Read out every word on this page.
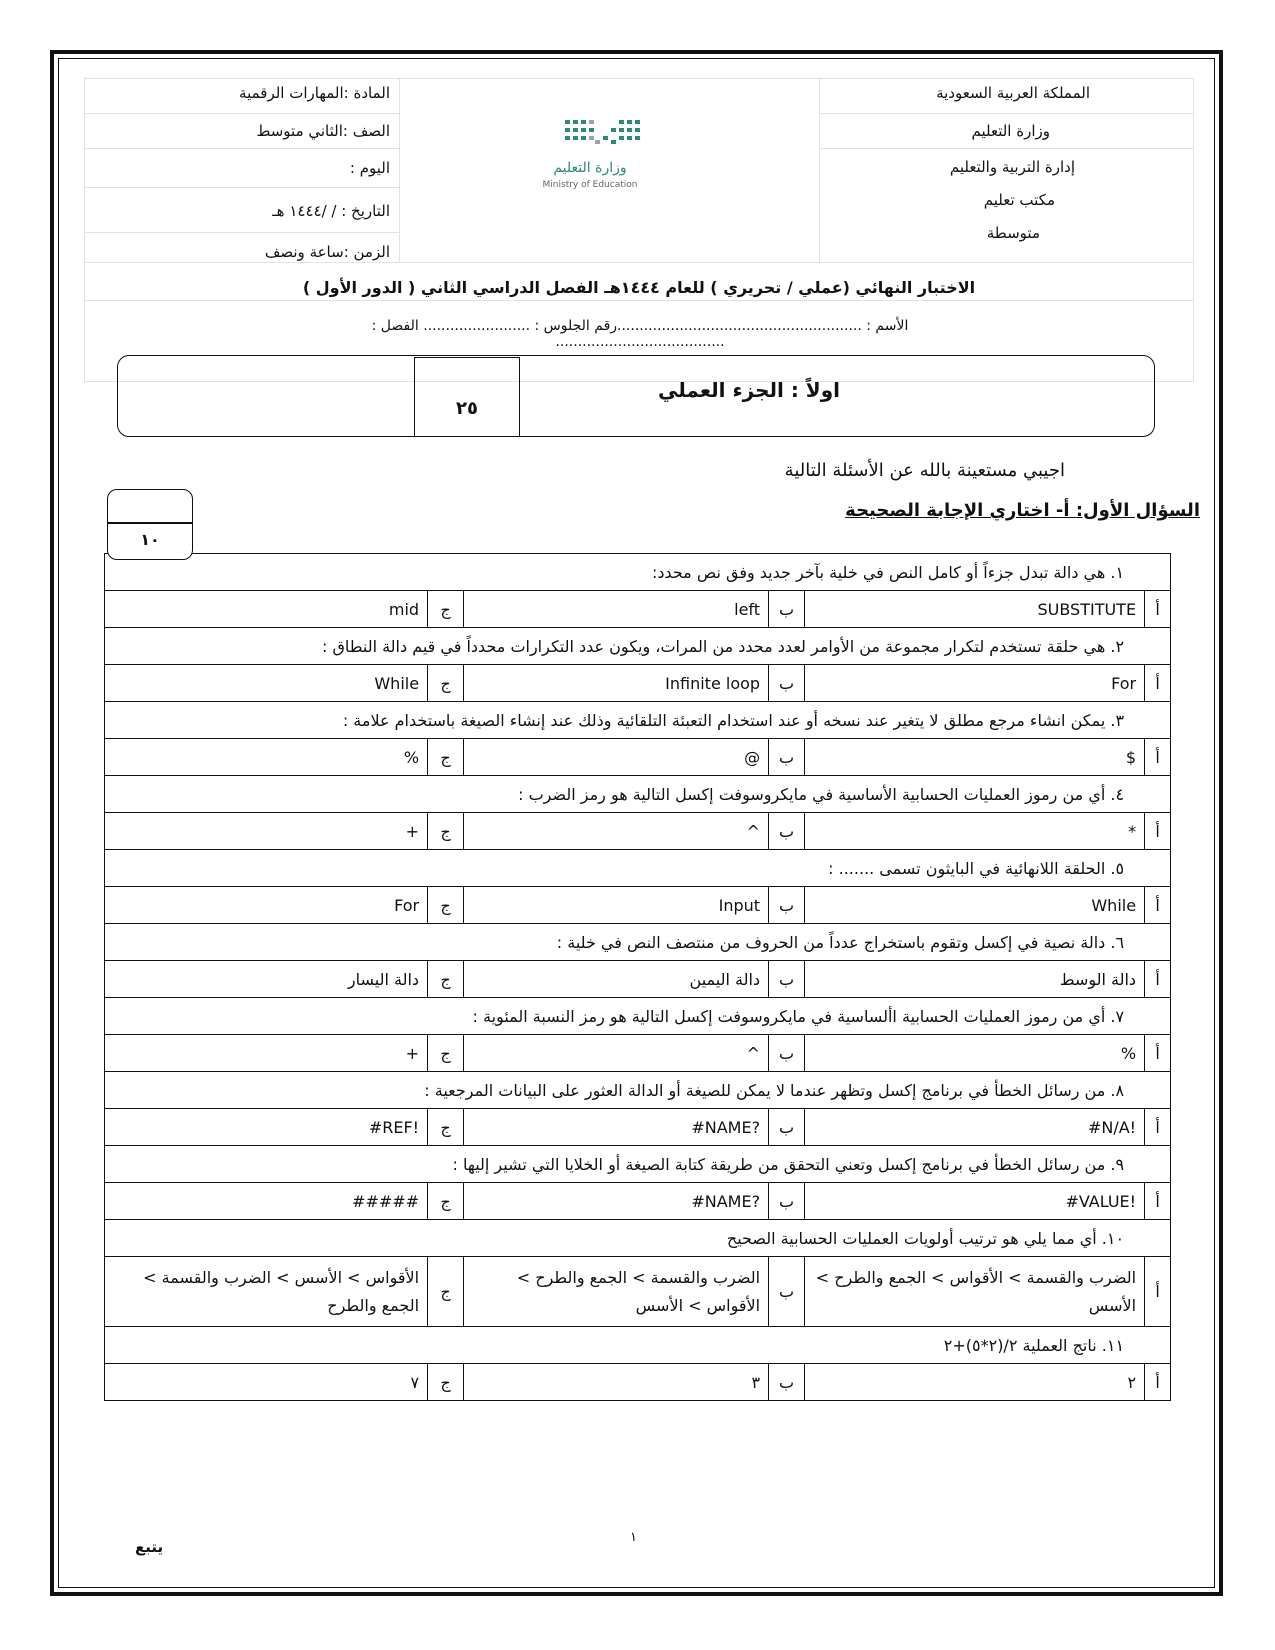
المملكة العربية السعودية
وزارة التعليم
إدارة التربية والتعليم
مكتب تعليم
متوسطة
المادة :المهارات الرقمية
الصف :الثاني متوسط
اليوم :
التاريخ : / /١٤٤٤ هـ
الزمن :ساعة ونصف
وزارة التعليم
Ministry of Education
الاختبار النهائي (عملي / تحريري ) للعام ١٤٤٤هـ الفصل الدراسي الثاني ( الدور الأول )
الأسم : .......................................................رقم الجلوس : ........................ الفصل : ......................................
٢٥
اولاً : الجزء العملي
اجيبي مستعينة بالله عن الأسئلة التالية
السؤال الأول: أ- اختاري الإجابة الصحيحة
١. هي دالة تبدل جزءاً أو كامل النص في خلية بآخر جديد وفق نص محدد:					
أ	SUBSTITUTE	ب	left	ج	mid
٢. هي حلقة تستخدم لتكرار مجموعة من الأوامر لعدد محدد من المرات، ويكون عدد التكرارات محدداً في قيم دالة النطاق :					
أ	For	ب	Infinite loop	ج	While
٣. يمكن انشاء مرجع مطلق لا يتغير عند نسخه أو عند استخدام التعبئة التلقائية وذلك عند إنشاء الصيغة باستخدام علامة :					
أ	$	ب	@	ج	%
٤. أي من رموز العمليات الحسابية الأساسية في مايكروسوفت إكسل التالية هو رمز الضرب :					
أ	*	ب	^	ج	+
٥. الحلقة اللانهائية في البايثون تسمى ....... :					
أ	While	ب	Input	ج	For
٦. دالة نصية في إكسل وتقوم باستخراج عدداً من الحروف من منتصف النص في خلية :					
أ	دالة الوسط	ب	دالة اليمين	ج	دالة اليسار
٧. أي من رموز العمليات الحسابية األساسية في مايكروسوفت إكسل التالية هو رمز النسبة المئوية :					
أ	%	ب	^	ج	+
٨. من رسائل الخطأ في برنامج إكسل وتظهر عندما لا يمكن للصيغة أو الدالة العثور على البيانات المرجعية :					
أ	#N/A!	ب	#NAME?	ج	#REF!
٩. من رسائل الخطأ في برنامج إكسل وتعني التحقق من طريقة كتابة الصيغة أو الخلايا التي تشير إليها :					
أ	#VALUE!	ب	#NAME?	ج	#####
١٠. أي مما يلي هو ترتيب أولويات العمليات الحسابية الصحيح					
أ	الضرب والقسمة > الأقواس > الجمع والطرح > الأسس	ب	الضرب والقسمة > الجمع والطرح > الأقواس > الأسس	ج	الأقواس > الأسس > الضرب والقسمة > الجمع والطرح
١١. ناتج العملية ٢/(٢*٥)+٢					
أ	٢	ب	٣	ج	٧
١٠
١
يتبع
